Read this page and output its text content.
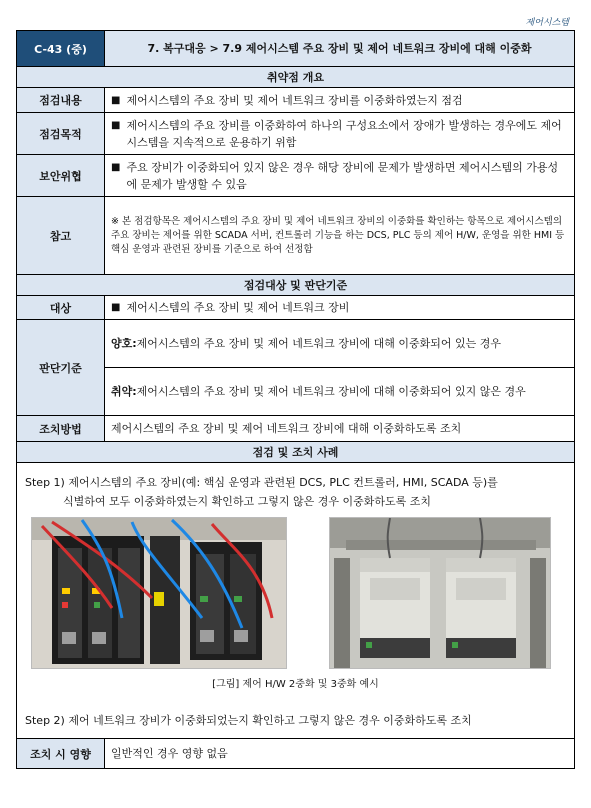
제어시스템
C-43 (중)	7. 복구대응 > 7.9 제어시스템 주요 장비 및 제어 네트워크 장비에 대해 이중화
취약점 개요	
점검내용	■ 제어시스템의 주요 장비 및 제어 네트워크 장비를 이중화하였는지 점검

점검목적	■ 제어시스템의 주요 장비를 이중화하여 하나의 구성요소에서 장애가 발생하는 경우에도 제어시스템을 지속적으로 운용하기 위함

보안위협	■ 주요 장비가 이중화되어 있지 않은 경우 해당 장비에 문제가 발생하면 제어시스템의 가용성에 문제가 발생할 수 있음

참고	※ 본 점검항목은 제어시스템의 주요 장비 및 제어 네트워크 장비의 이중화를 확인하는 항목으로 제어시스템의 주요 장비는 제어를 위한 SCADA 서버, 컨트롤러 기능을 하는 DCS, PLC 등의 제어 H/W, 운영을 위한 HMI 등 핵심 운영과 관련된 장비를 기준으로 하여 선정함
점검대상 및 판단기준	
대상	■ 제어시스템의 주요 장비 및 제어 네트워크 장비

판단기준	양호: 제어시스템의 주요 장비 및 제어 네트워크 장비에 대해 이중화되어 있는 경우

	취약: 제어시스템의 주요 장비 및 제어 네트워크 장비에 대해 이중화되어 있지 않은 경우

조치방법	제어시스템의 주요 장비 및 제어 네트워크 장비에 대해 이중화하도록 조치
점검 및 조치 사례	

Step 1) 제어시스템의 주요 장비(예: 핵심 운영과 관련된 DCS, PLC 컨트롤러, HMI, SCADA 등)를
식별하여 모두 이중화하였는지 확인하고 그렇지 않은 경우 이중화하도록 조치
[그림] 제어 H/W 2중화 및 3중화 예시
Step 2) 제어 네트워크 장비가 이중화되었는지 확인하고 그렇지 않은 경우 이중화하도록 조치	

조치 시 영향	일반적인 경우 영향 없음
